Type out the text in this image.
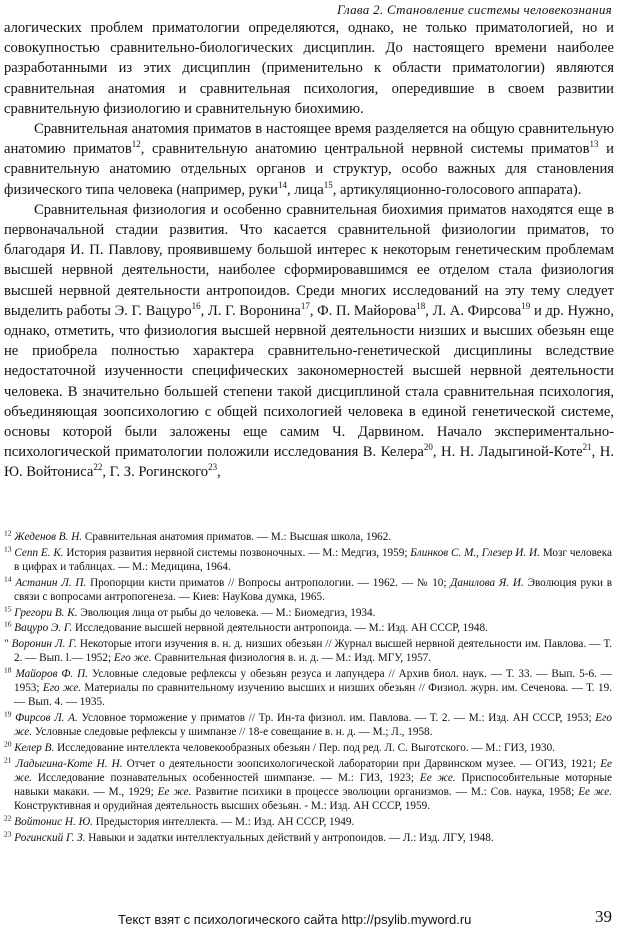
Глава 2. Становление системы человекознания

алогических проблем приматологии определяются, однако, не только приматологией, но и совокупностью сравнительно-биологических дисциплин. До настоящего времени наиболее разработанными из этих дисциплин (применительно к области приматологии) являются сравнительная анатомия и сравнительная психология, опередившие в своем развитии сравнительную физиологию и сравнительную биохимию.

Сравнительная анатомия приматов в настоящее время разделяется на общую сравнительную анатомию приматов$^{12}$, сравнительную анатомию центральной нервной системы приматов$^{13}$ и сравнительную анатомию отдельных органов и структур, особо важных для становления физического типа человека (например, руки$^{14}$, лица$^{15}$, артикуляционно-голосового аппарата).

Сравнительная физиология и особенно сравнительная биохимия приматов находятся еще в первоначальной стадии развития. Что касается сравнительной физиологии приматов, то благодаря И. П. Павлову, проявившему большой интерес к некоторым генетическим проблемам высшей нервной деятельности, наиболее сформировавшимся ее отделом стала физиология высшей нервной деятельности антропоидов. Среди многих исследований на эту тему следует выделить работы Э. Г. Вацуро$^{16}$, Л. Г. Воронина$^{17}$, Ф. П. Майорова$^{18}$, Л. А. Фирсова$^{19}$ и др. Нужно, однако, отметить, что физиология высшей нервной деятельности низших и высших обезьян еще не приобрела полностью характера сравнительно-генетической дисциплины вследствие недостаточной изученности специфических закономерностей высшей нервной деятельности человека. В значительно большей степени такой дисциплиной стала сравнительная психология, объединяющая зоопсихологию с общей психологией человека в единой генетической системе, основы которой были заложены еще самим Ч. Дарвином. Начало экспериментально-психологической приматологии положили исследования В. Келера$^{20}$, Н. Н. Ладыгиной-Коте$^{21}$, Н. Ю. Войтониса$^{22}$, Г. З. Рогинского$^{23}$,

$^{12}$ Жеденов В. Н. Сравнительная анатомия приматов. — М.: Высшая школа, 1962.

$^{13}$ Сепп Е. К. История развития нервной системы позвоночных. — М.: Медгиз, 1959; Блинков С. М., Глезер И. И. Мозг человека в цифрах и таблицах. — М.: Медицина, 1964.

$^{14}$ Астанин Л. П. Пропорции кисти приматов // Вопросы антропологии. — 1962. — № 10; Данилова Я. И. Эволюция руки в связи с вопросами антропогенеза. — Киев: НауКова думка, 1965.

$^{15}$ Грегори В. К. Эволюция лица от рыбы до человека. — М.: Биомедгиз, 1934.

$^{16}$ Вацуро Э. Г. Исследование высшей нервной деятельности антропоида. — М.: Изд. АН СССР, 1948.

" Воронин Л. Г. Некоторые итоги изучения в. н. д. низших обезьян // Журнал высшей нервной деятельности им. Павлова. — Т. 2. — Вып. l.— 1952; Его же. Сравнительная физиология в. и. д. — М.: Изд. МГУ, 1957.

$^{18}$ Майоров Ф. П. Условные следовые рефлексы у обезьян резуса и лапундера // Архив биол. наук. — Т. 33. — Вып. 5-6. — 1953; Его же. Материалы по сравнительному изучению высших и низших обезьян // Физиол. журн. им. Сеченова. — Т. 19. — Вып. 4. — 1935.

$^{19}$ Фирсов Л. А. Условное торможение у приматов // Тр. Ин-та физиол. им. Павлова. — Т. 2. — М.: Изд. АН СССР, 1953; Его же. Условные следовые рефлексы у шимпанзе // 18-е совещание в. н. д. — М.; Л., 1958.

$^{20}$ Келер В. Исследование интеллекта человекообразных обезьян / Пер. под ред. Л. С. Выготского. — М.: ГИЗ, 1930.

$^{21}$ Ладыгина-Коте Н. Н. Отчет о деятельности зоопсихологической лаборатории при Дарвинском музее. — ОГИЗ, 1921; Ее же. Исследование познавательных особенностей шимпанзе. — М.: ГИЗ, 1923; Ее же. Приспособительные моторные навыки макаки. — М., 1929; Ее же. Развитие психики в процессе эволюции организмов. — М.: Сов. наука, 1958; Ее же. Конструктивная и орудийная деятельность высших обезьян. - М.: Изд. АН СССР, 1959.

$^{22}$ Войтонис Н. Ю. Предыстория интеллекта. — М.: Изд. АН СССР, 1949.

$^{23}$ Рогинский Г. З. Навыки и задатки интеллектуальных действий у антропоидов. — Л.: Изд. ЛГУ, 1948.

Текст взят с психологического сайта http://psylib.myword.ru	39
